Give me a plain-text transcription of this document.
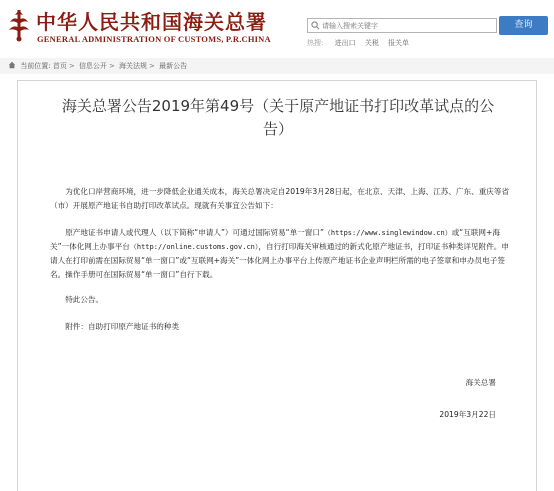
中华人民共和国海关总署
GENERAL ADMINISTRATION OF CUSTOMS, P.R.CHINA
请输入搜索关键字
查询
热搜: 进出口 关税 报关单
当前位置: 首页 > 信息公开 > 海关法规 > 最新公告
海关总署公告2019年第49号（关于原产地证书打印改革试点的公告）

为优化口岸营商环境，进一步降低企业通关成本，海关总署决定自2019年3月28日起，在北京、天津、上海、江苏、广东、重庆等省（市）开展原产地证书自助打印改革试点。现就有关事宜公告如下：

原产地证书申请人或代理人（以下简称“申请人”）可通过国际贸易“单一窗口”（https://www.singlewindow.cn）或“互联网+海关”一体化网上办事平台（http://online.customs.gov.cn），自行打印海关审核通过的新式化原产地证书，打印证书种类详见附件。申请人在打印前需在国际贸易“单一窗口”或“互联网+海关”一体化网上办事平台上传原产地证书企业声明栏所需的电子签章和申办员电子签名。操作手册可在国际贸易“单一窗口”自行下载。

特此公告。

附件：自助打印原产地证书的种类

海关总署
2019年3月22日
